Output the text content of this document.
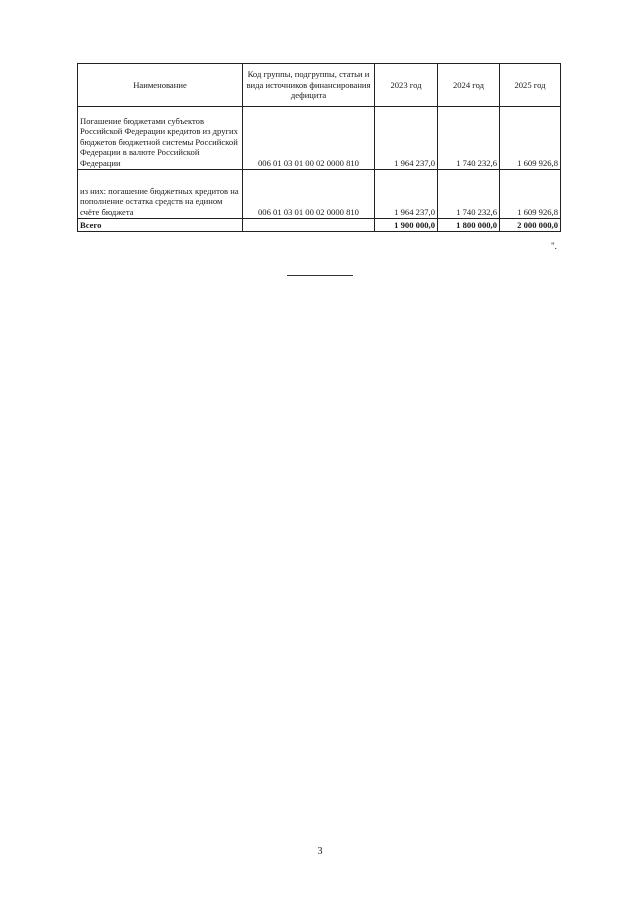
Наименование	Код группы, подгруппы, статьи и вида источников финансирования дефицита	2023 год	2024 год	2025 год
Погашение бюджетами субъектов Российской Федерации кредитов из других бюджетов бюджетной системы Российской Федерации в валюте Российской Федерации	006 01 03 01 00 02 0000 810	1 964 237,0	1 740 232,6	1 609 926,8
из них: погашение бюджетных кредитов на пополнение остатка средств на едином счёте бюджета	006 01 03 01 00 02 0000 810	1 964 237,0	1 740 232,6	1 609 926,8
Всего		1 900 000,0	1 800 000,0	2 000 000,0
".
3
